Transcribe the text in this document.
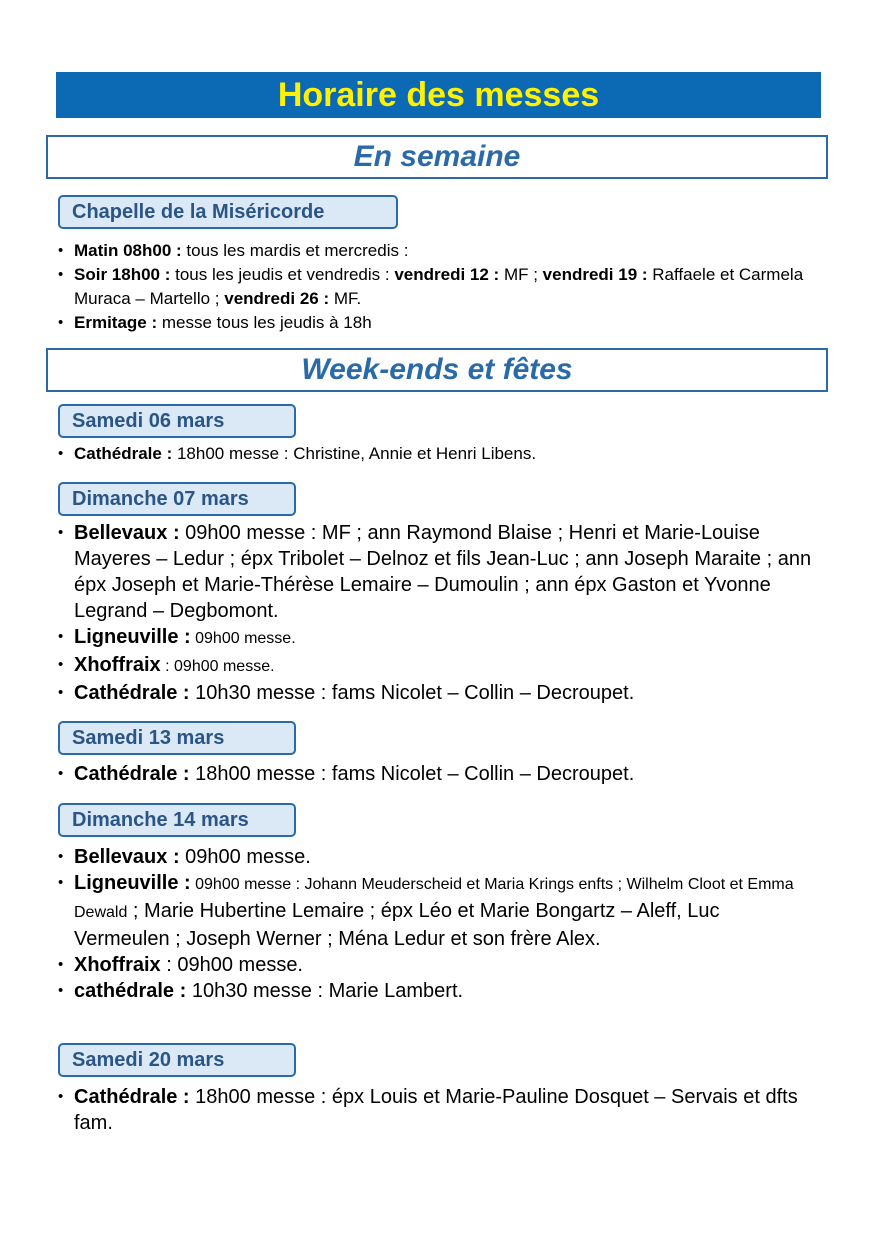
Horaire des messes
En semaine
Chapelle de la Miséricorde
• Matin 08h00 : tous les mardis et mercredis :
• Soir 18h00 : tous les jeudis et vendredis : vendredi 12 : MF ; vendredi 19 : Raffaele et Carmela Muraca – Martello ; vendredi 26 : MF.
• Ermitage : messe tous les jeudis à 18h
Week-ends et fêtes
Samedi 06 mars
• Cathédrale : 18h00 messe : Christine, Annie et Henri Libens.
Dimanche 07 mars
• Bellevaux : 09h00 messe : MF ; ann Raymond Blaise ; Henri et Marie-Louise Mayeres – Ledur ; épx Tribolet – Delnoz et fils Jean-Luc ; ann Joseph Maraite ; ann épx Joseph et Marie-Thérèse Lemaire – Dumoulin ; ann épx Gaston et Yvonne Legrand – Degbomont.
• Ligneuville : 09h00 messe.
• Xhoffraix : 09h00 messe.
• Cathédrale : 10h30 messe : fams Nicolet – Collin – Decroupet.
Samedi 13 mars
• Cathédrale : 18h00 messe : fams Nicolet – Collin – Decroupet.
Dimanche 14 mars
• Bellevaux : 09h00 messe.
• Ligneuville : 09h00 messe : Johann Meuderscheid et Maria Krings enfts ; Wilhelm Cloot et Emma Dewald ; Marie Hubertine Lemaire ; épx Léo et Marie Bongartz – Aleff, Luc Vermeulen ; Joseph Werner ; Ména Ledur et son frère Alex.
• Xhoffraix : 09h00 messe.
• cathédrale : 10h30 messe : Marie Lambert.
Samedi 20 mars
• Cathédrale : 18h00 messe : épx Louis et Marie-Pauline Dosquet – Servais et dfts fam.
